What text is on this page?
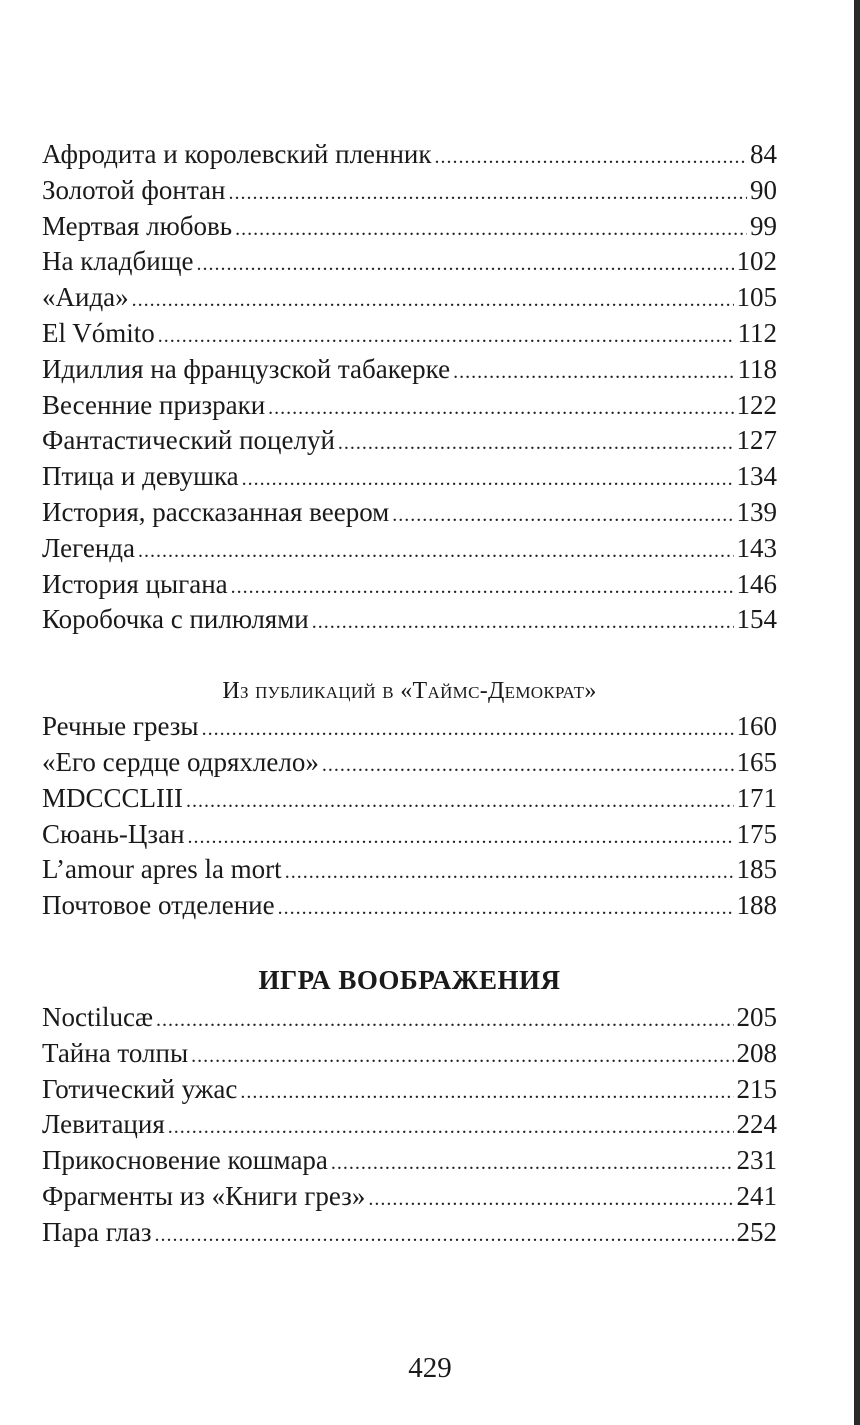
Афродита и королевский пленник .....	84
Золотой фонтан .....	90
Мертвая любовь .....	99
На кладбище .....	102
«Аида» .....	105
El Vómito .....	112
Идиллия на французской табакерке .....	118
Весенние призраки .....	122
Фантастический поцелуй .....	127
Птица и девушка .....	134
История, рассказанная веером .....	139
Легенда .....	143
История цыгана .....	146
Коробочка с пилюлями .....	154
Из публикаций в «Таймс-Демократ»
Речные грезы .....	160
«Его сердце одряхлело» .....	165
MDCCCLIII .....	171
Сюань-Цзан .....	175
L’amour apres la mort .....	185
Почтовое отделение .....	188
ИГРА ВООБРАЖЕНИЯ
Noctilucæ .....	205
Тайна толпы .....	208
Готический ужас .....	215
Левитация .....	224
Прикосновение кошмара .....	231
Фрагменты из «Книги грез» .....	241
Пара глаз .....	252
429
